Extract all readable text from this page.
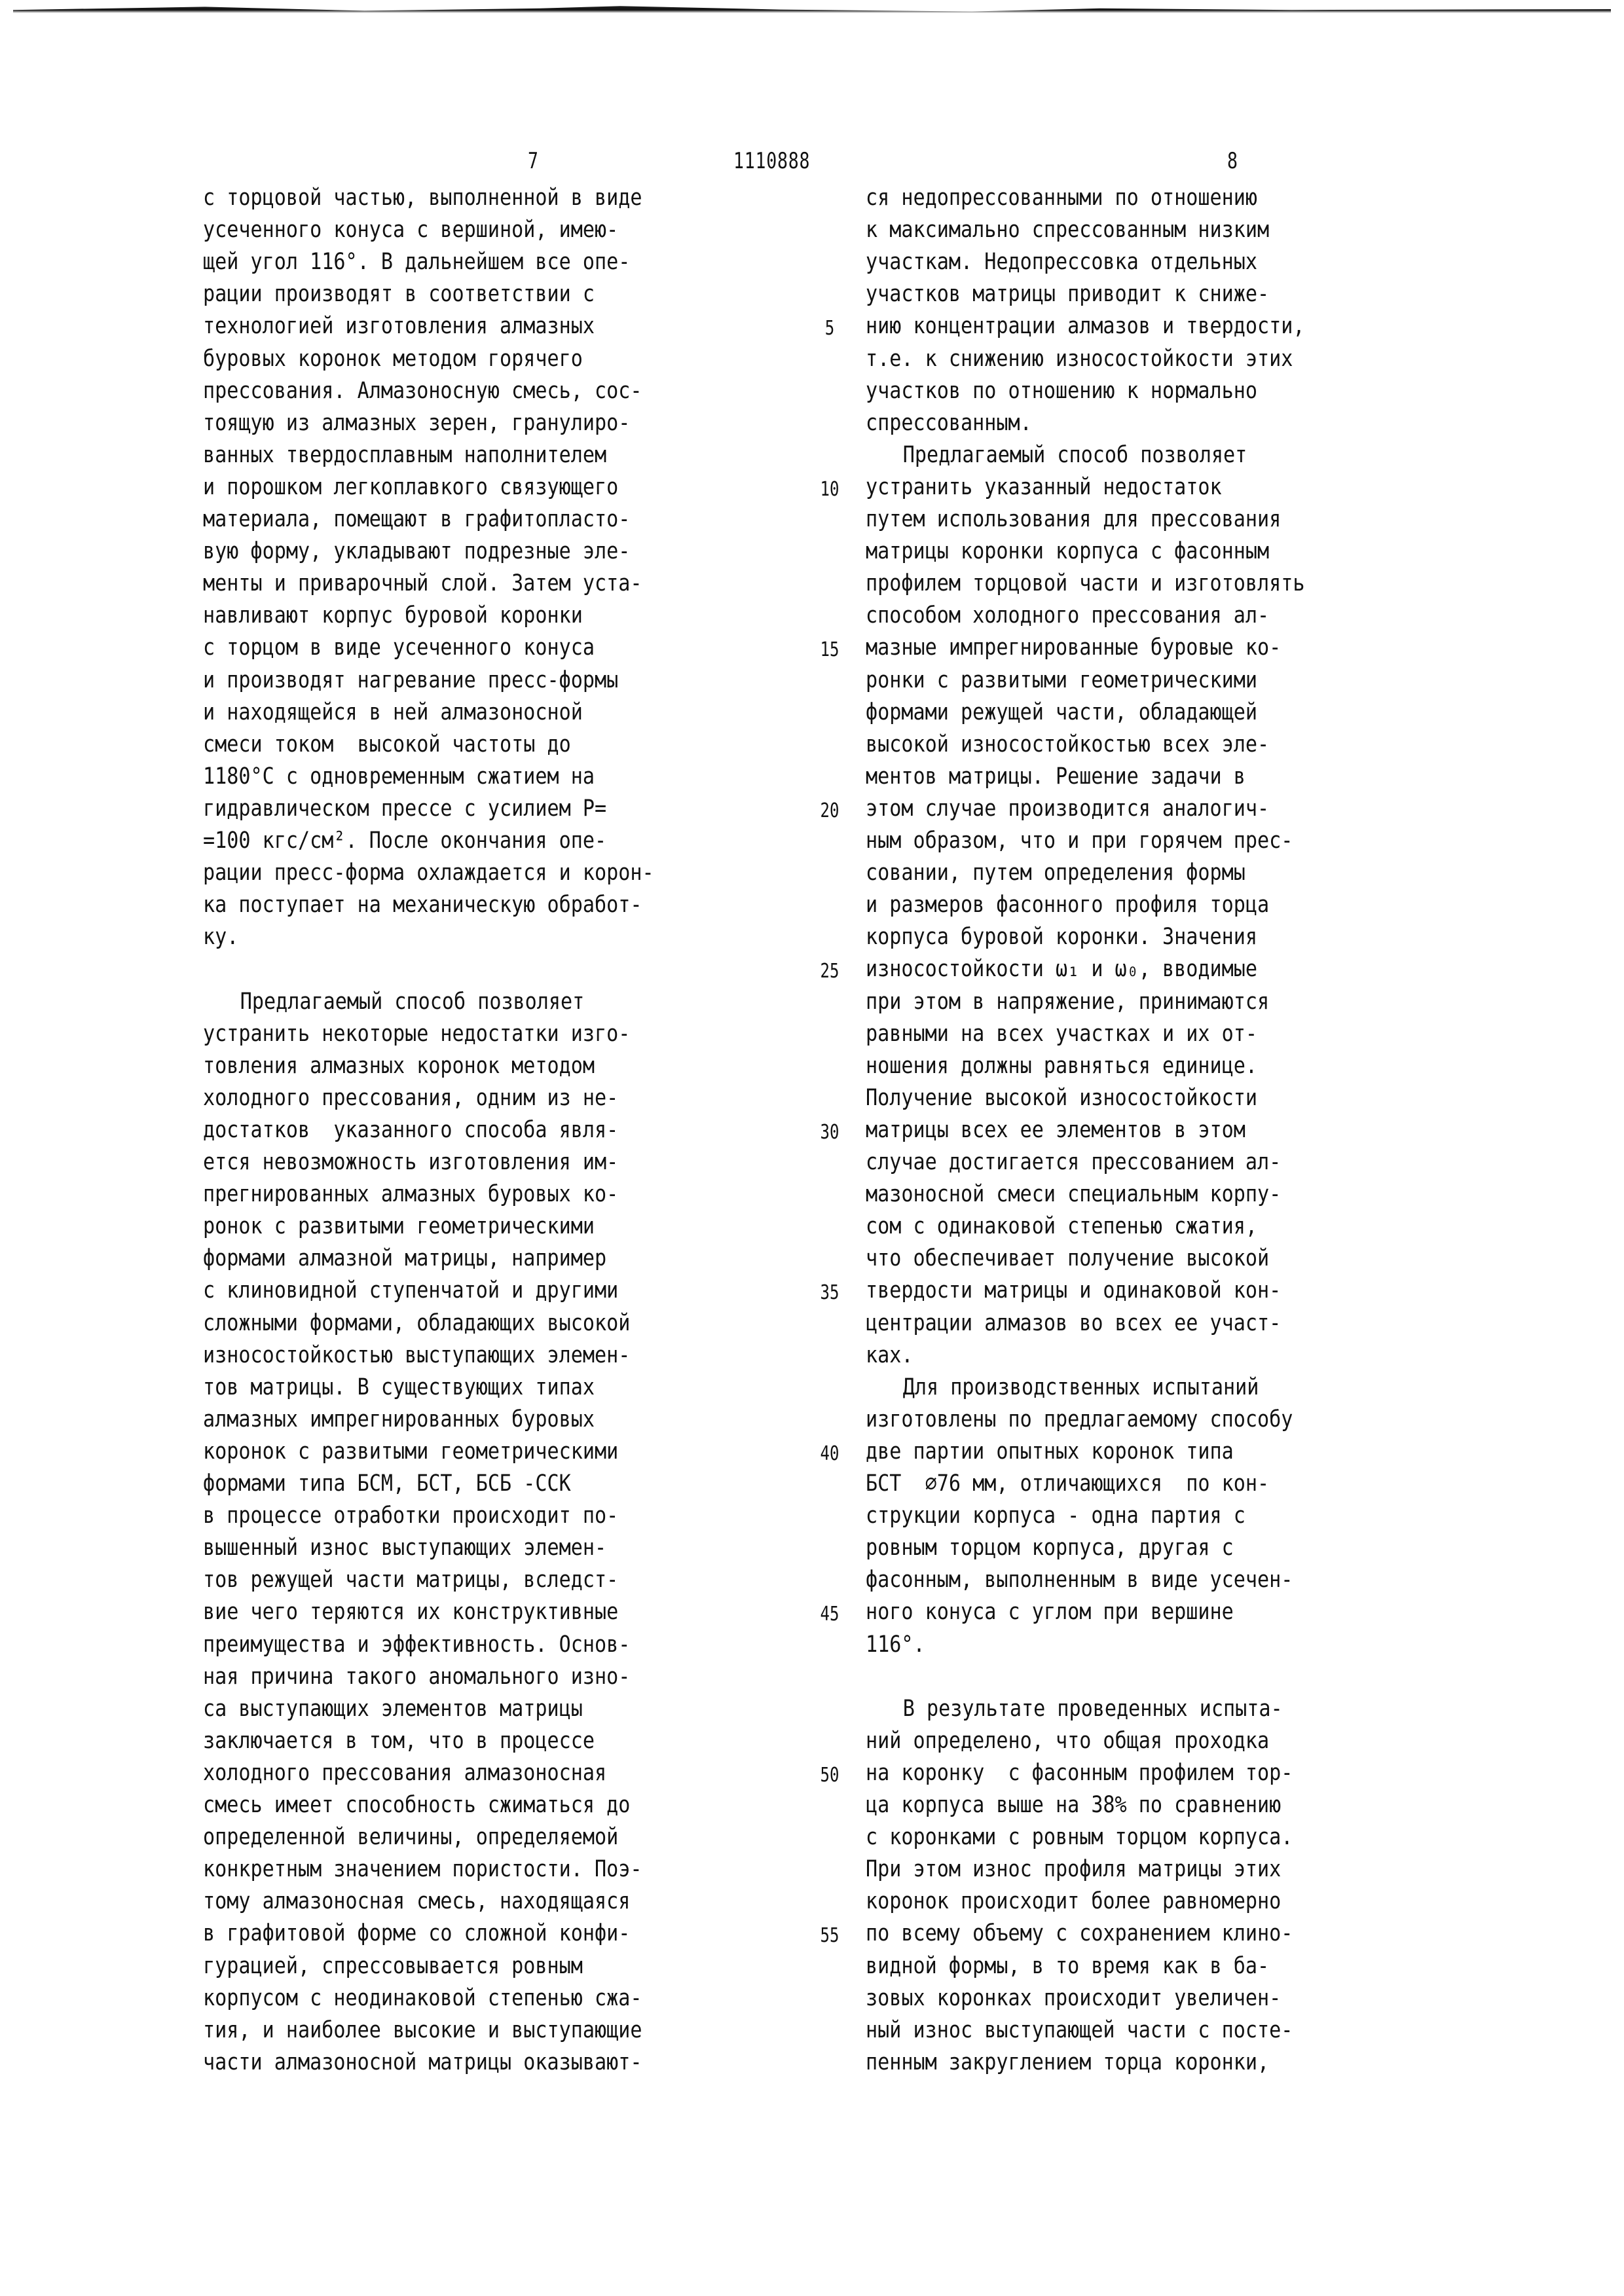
7	1110888	8
с торцовой частью, выполненной в виде
усеченного конуса с вершиной, имею-
щей угол 116°. В дальнейшем все опе-
рации производят в соответствии с
технологией изготовления алмазных
буровых коронок методом горячего
прессования. Алмазоносную смесь, сос-
тоящую из алмазных зерен, гранулиро-
ванных твердосплавным наполнителем
и порошком легкоплавкого связующего
материала, помещают в графитопласто-
вую форму, укладывают подрезные эле-
менты и приварочный слой. Затем уста-
навливают корпус буровой коронки
с торцом в виде усеченного конуса
и производят нагревание пресс-формы
и находящейся в ней алмазоносной
смеси током  высокой частоты до
1180°С с одновременным сжатием на
гидравлическом прессе с усилием Р=
=100 кгс/см². После окончания опе-
рации пресс-форма охлаждается и корон-
ка поступает на механическую обработ-
ку.
Предлагаемый способ позволяет
устранить некоторые недостатки изго-
товления алмазных коронок методом
холодного прессования, одним из не-
достатков  указанного способа явля-
ется невозможность изготовления им-
прегнированных алмазных буровых ко-
ронок с развитыми геометрическими
формами алмазной матрицы, например
с клиновидной ступенчатой и другими
сложными формами, обладающих высокой
износостойкостью выступающих элемен-
тов матрицы. В существующих типах
алмазных импрегнированных буровых
коронок с развитыми геометрическими
формами типа БСМ, БСТ, БСБ -ССК
в процессе отработки происходит по-
вышенный износ выступающих элемен-
тов режущей части матрицы, вследст-
вие чего теряются их конструктивные
преимущества и эффективность. Основ-
ная причина такого аномального изно-
са выступающих элементов матрицы
заключается в том, что в процессе
холодного прессования алмазоносная
смесь имеет способность сжиматься до
определенной величины, определяемой
конкретным значением пористости. Поэ-
тому алмазоносная смесь, находящаяся
в графитовой форме со сложной конфи-
гурацией, спрессовывается ровным
корпусом с неодинаковой степенью сжа-
тия, и наиболее высокие и выступающие
части алмазоносной матрицы оказывают-
ся недопрессованными по отношению
к максимально спрессованным низким
участкам. Недопрессовка отдельных
участков матрицы приводит к сниже-
нию концентрации алмазов и твердости,
т.е. к снижению износостойкости этих
участков по отношению к нормально
спрессованным.
Предлагаемый способ позволяет
устранить указанный недостаток
путем использования для прессования
матрицы коронки корпуса с фасонным
профилем торцовой части и изготовлять
способом холодного прессования ал-
мазные импрегнированные буровые ко-
ронки с развитыми геометрическими
формами режущей части, обладающей
высокой износостойкостью всех эле-
ментов матрицы. Решение задачи в
этом случае производится аналогич-
ным образом, что и при горячем прес-
совании, путем определения формы
и размеров фасонного профиля торца
корпуса буровой коронки. Значения
износостойкости ω₁ и ω₀, вводимые
при этом в напряжение, принимаются
равными на всех участках и их от-
ношения должны равняться единице.
Получение высокой износостойкости
матрицы всех ее элементов в этом
случае достигается прессованием ал-
мазоносной смеси специальным корпу-
сом с одинаковой степенью сжатия,
что обеспечивает получение высокой
твердости матрицы и одинаковой кон-
центрации алмазов во всех ее участ-
ках.
Для производственных испытаний
изготовлены по предлагаемому способу
две партии опытных коронок типа
БСТ  ∅76 мм, отличающихся  по кон-
струкции корпуса - одна партия с
ровным торцом корпуса, другая с
фасонным, выполненным в виде усечен-
ного конуса с углом при вершине
116°.
В результате проведенных испыта-
ний определено, что общая проходка
на коронку  с фасонным профилем тор-
ца корпуса выше на 38% по сравнению
с коронками с ровным торцом корпуса.
При этом износ профиля матрицы этих
коронок происходит более равномерно
по всему объему с сохранением клино-
видной формы, в то время как в ба-
зовых коронках происходит увеличен-
ный износ выступающей части с посте-
пенным закруглением торца коронки,
5
10
15
20
25
30
35
40
45
50
55
